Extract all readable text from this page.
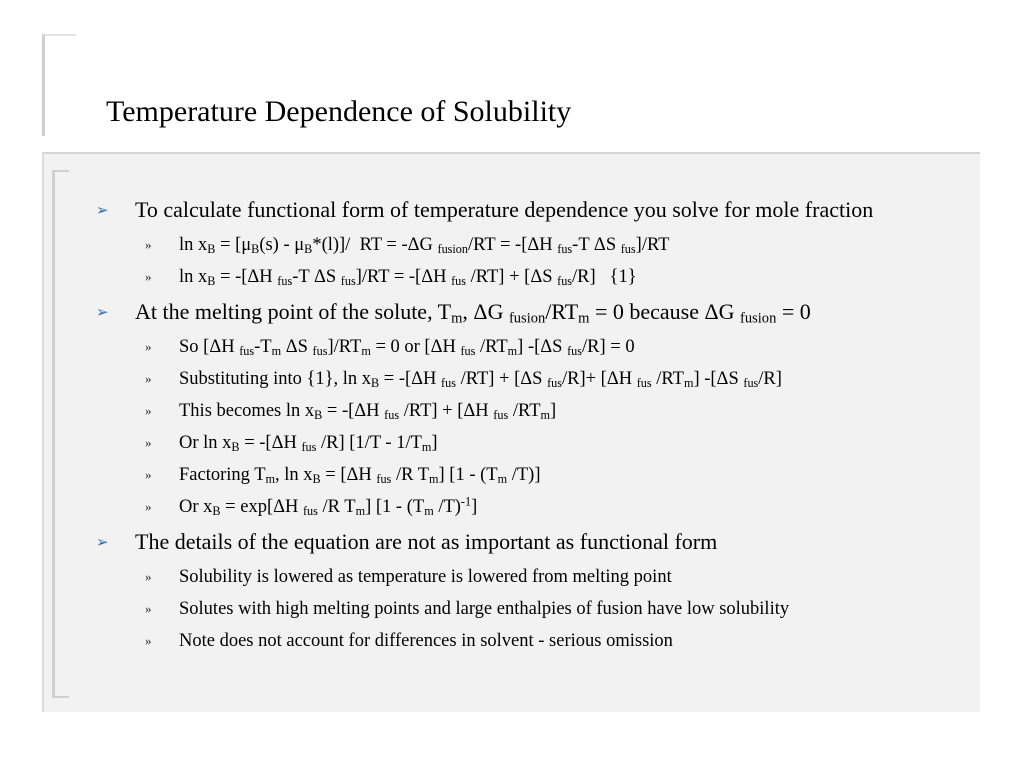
Temperature Dependence of Solubility
➢ To calculate functional form of temperature dependence you solve for mole fraction
» $\ln x_B = [\mu_B(s) - \mu_B*(l)]/$  RT = -ΔG $_{fusion}$/RT = -[ΔH $_{fus}$-T ΔS $_{fus}$]/RT
» $\ln x_B = -[\Delta H$ $_{fus}$-T ΔS $_{fus}$]/RT = -[ΔH $_{fus}$ /RT] + [ΔS $_{fus}$/R]   {1}
➢ At the melting point of the solute, $T_m$, ΔG $_{fusion}/RT_m = 0$ because ΔG $_{fusion}$ = 0
» So [ΔH $_{fus}-T_m$ ΔS $_{fus}]/RT_m = 0$ or [ΔH $_{fus}$ $/RT_m$] -[ΔS $_{fus}$/R] = 0
» Substituting into {1}, $\ln x_B = -[\Delta H$ $_{fus}$ /RT] + [ΔS $_{fus}$/R]+ [ΔH $_{fus}$ $/RT_m$] -[ΔS $_{fus}$/R]
» This becomes $\ln x_B = -[\Delta H$ $_{fus}$ /RT] + [ΔH $_{fus}$ $/RT_m$]
» Or $\ln x_B = -[\Delta H$ $_{fus}$ /R] $[1/T - 1/T_m]$
» Factoring $T_m$, $\ln x_B = [\Delta H$ $_{fus}$ /R $T_m$] [$1 - (T_m$ /T)]
» Or $x_B = \exp[\Delta H$ $_{fus}$ /R $T_m$] [$1 - (T_m$ /T)$^{-1}$]
➢ The details of the equation are not as important as functional form
» Solubility is lowered as temperature is lowered from melting point
» Solutes with high melting points and large enthalpies of fusion have low solubility
» Note does not account for differences in solvent - serious omission
